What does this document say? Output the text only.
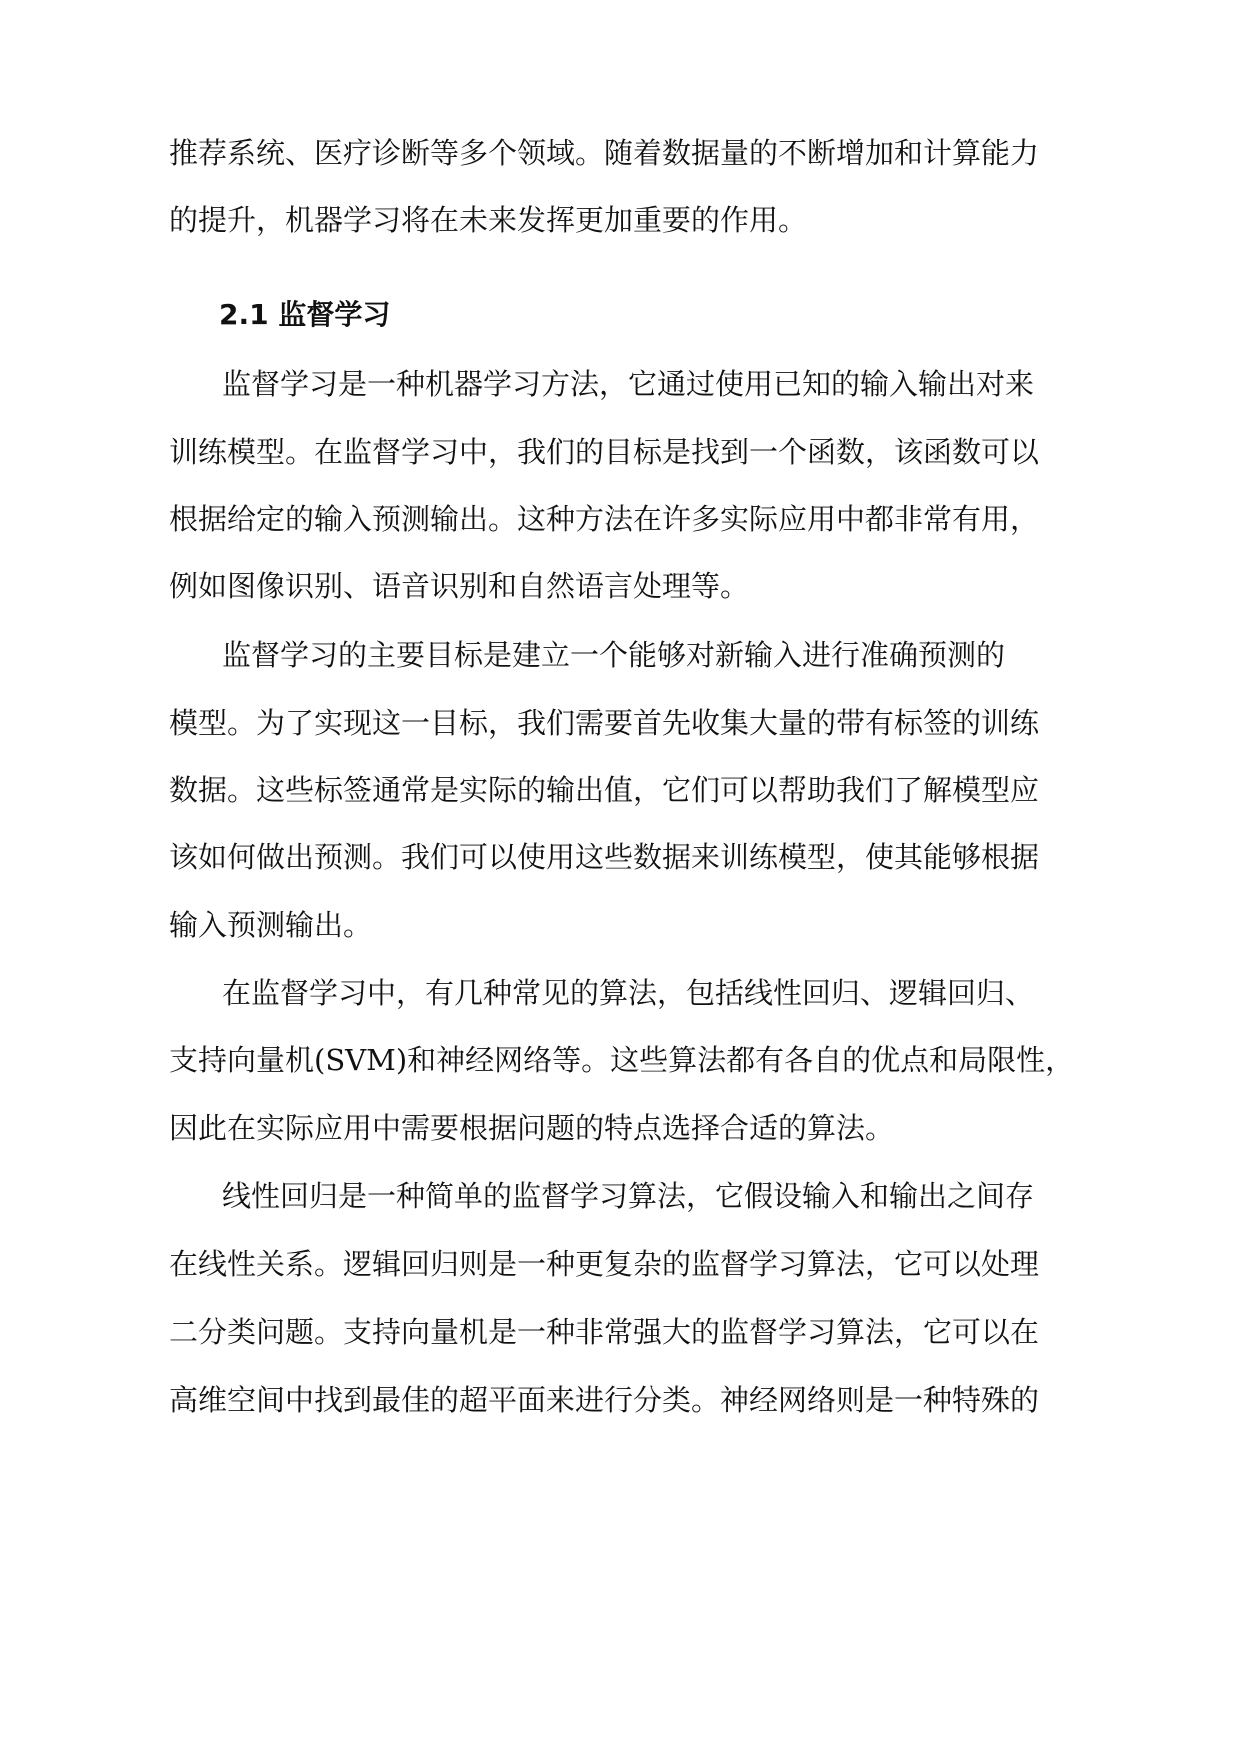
推荐系统、医疗诊断等多个领域。随着数据量的不断增加和计算能力
的提升，机器学习将在未来发挥更加重要的作用。
2.1 监督学习
监督学习是一种机器学习方法，它通过使用已知的输入输出对来
训练模型。在监督学习中，我们的目标是找到一个函数，该函数可以
根据给定的输入预测输出。这种方法在许多实际应用中都非常有用，
例如图像识别、语音识别和自然语言处理等。
监督学习的主要目标是建立一个能够对新输入进行准确预测的
模型。为了实现这一目标，我们需要首先收集大量的带有标签的训练
数据。这些标签通常是实际的输出值，它们可以帮助我们了解模型应
该如何做出预测。我们可以使用这些数据来训练模型，使其能够根据
输入预测输出。
在监督学习中，有几种常见的算法，包括线性回归、逻辑回归、
支持向量机(SVM)和神经网络等。这些算法都有各自的优点和局限性，
因此在实际应用中需要根据问题的特点选择合适的算法。
线性回归是一种简单的监督学习算法，它假设输入和输出之间存
在线性关系。逻辑回归则是一种更复杂的监督学习算法，它可以处理
二分类问题。支持向量机是一种非常强大的监督学习算法，它可以在
高维空间中找到最佳的超平面来进行分类。神经网络则是一种特殊的
